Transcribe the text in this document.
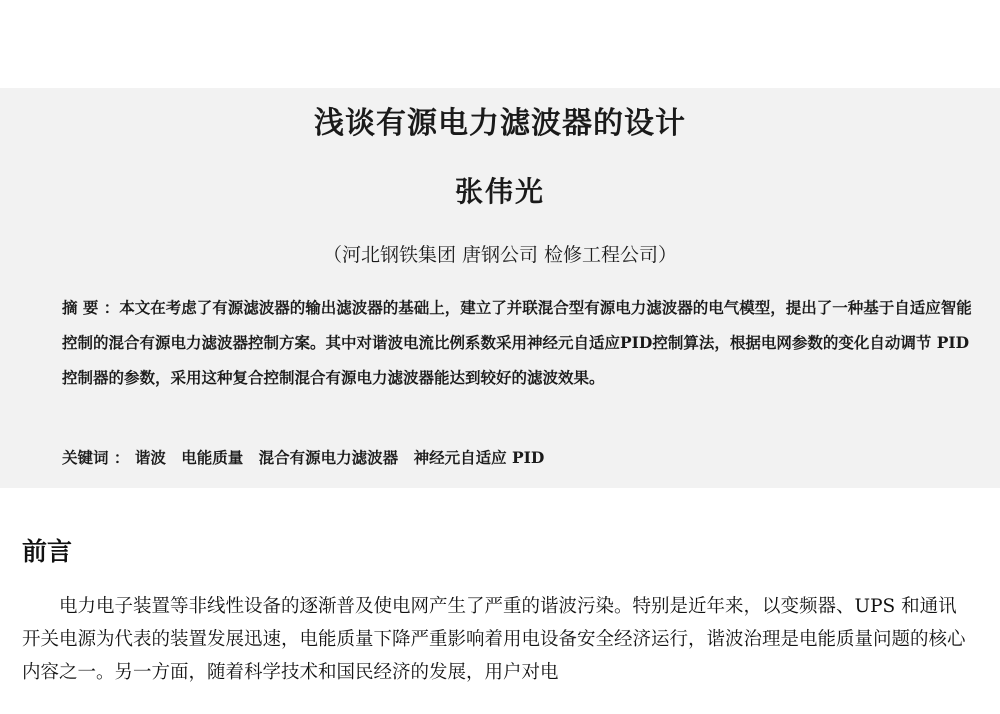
浅谈有源电力滤波器的设计
张伟光
（河北钢铁集团 唐钢公司 检修工程公司）
摘 要 ：本文在考虑了有源滤波器的输出滤波器的基础上，建立了并联混合型有源电力滤波器的电气模型，提出了一种基于自适应智能控制的混合有源电力滤波器控制方案。其中对谐波电流比例系数采用神经元自适应PID控制算法，根据电网参数的变化自动调节 PID 控制器的参数，采用这种复合控制混合有源电力滤波器能达到较好的滤波效果。
关键词 ： 谐波 电能质量 混合有源电力滤波器 神经元自适应 PID
前言

电力电子装置等非线性设备的逐渐普及使电网产生了严重的谐波污染。特别是近年来，以变频器、UPS 和通讯开关电源为代表的装置发展迅速，电能质量下降严重影响着用电设备安全经济运行，谐波治理是电能质量问题的核心内容之一。另一方面，随着科学技术和国民经济的发展，用户对电
